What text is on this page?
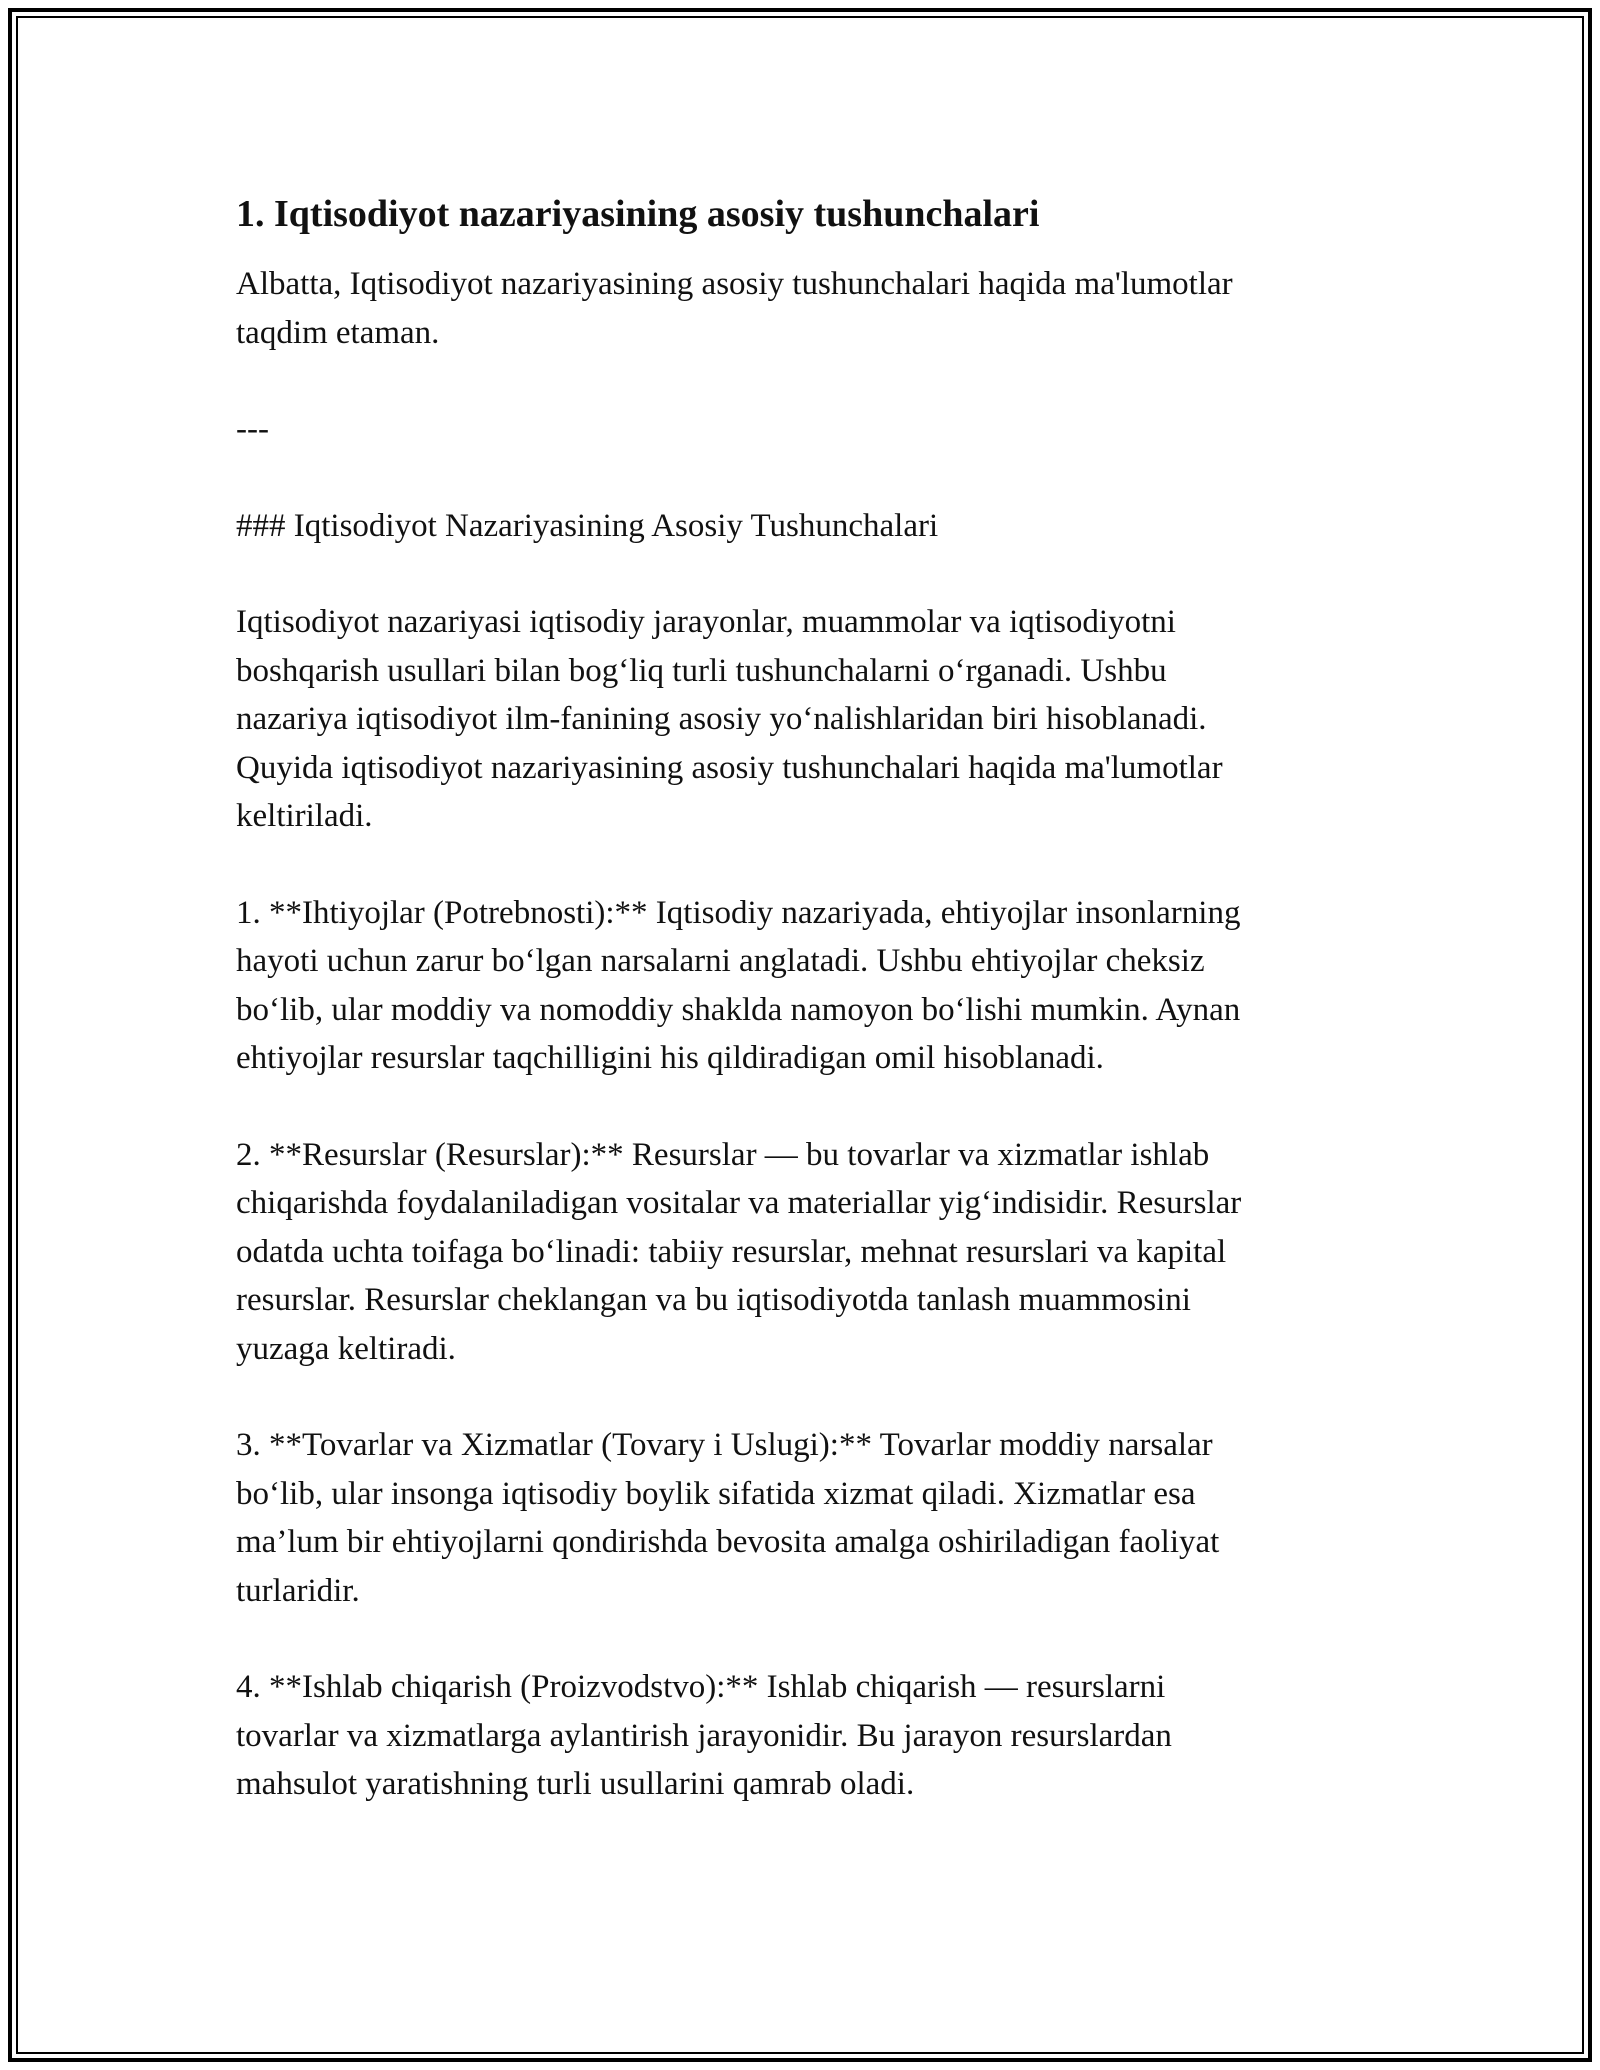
1. Iqtisodiyot nazariyasining asosiy tushunchalari

Albatta, Iqtisodiyot nazariyasining asosiy tushunchalari haqida ma'lumotlar
taqdim etaman.

---

### Iqtisodiyot Nazariyasining Asosiy Tushunchalari

Iqtisodiyot nazariyasi iqtisodiy jarayonlar, muammolar va iqtisodiyotni
boshqarish usullari bilan bog‘liq turli tushunchalarni o‘rganadi. Ushbu
nazariya iqtisodiyot ilm-fanining asosiy yo‘nalishlaridan biri hisoblanadi.
Quyida iqtisodiyot nazariyasining asosiy tushunchalari haqida ma'lumotlar
keltiriladi.

1. **Ihtiyojlar (Potrebnosti):** Iqtisodiy nazariyada, ehtiyojlar insonlarning
hayoti uchun zarur bo‘lgan narsalarni anglatadi. Ushbu ehtiyojlar cheksiz
bo‘lib, ular moddiy va nomoddiy shaklda namoyon bo‘lishi mumkin. Aynan
ehtiyojlar resurslar taqchilligini his qildiradigan omil hisoblanadi.

2. **Resurslar (Resurslar):** Resurslar — bu tovarlar va xizmatlar ishlab
chiqarishda foydalaniladigan vositalar va materiallar yig‘indisidir. Resurslar
odatda uchta toifaga bo‘linadi: tabiiy resurslar, mehnat resurslari va kapital
resurslar. Resurslar cheklangan va bu iqtisodiyotda tanlash muammosini
yuzaga keltiradi.

3. **Tovarlar va Xizmatlar (Tovary i Uslugi):** Tovarlar moddiy narsalar
bo‘lib, ular insonga iqtisodiy boylik sifatida xizmat qiladi. Xizmatlar esa
ma’lum bir ehtiyojlarni qondirishda bevosita amalga oshiriladigan faoliyat
turlaridir.

4. **Ishlab chiqarish (Proizvodstvo):** Ishlab chiqarish — resurslarni
tovarlar va xizmatlarga aylantirish jarayonidir. Bu jarayon resurslardan
mahsulot yaratishning turli usullarini qamrab oladi.
